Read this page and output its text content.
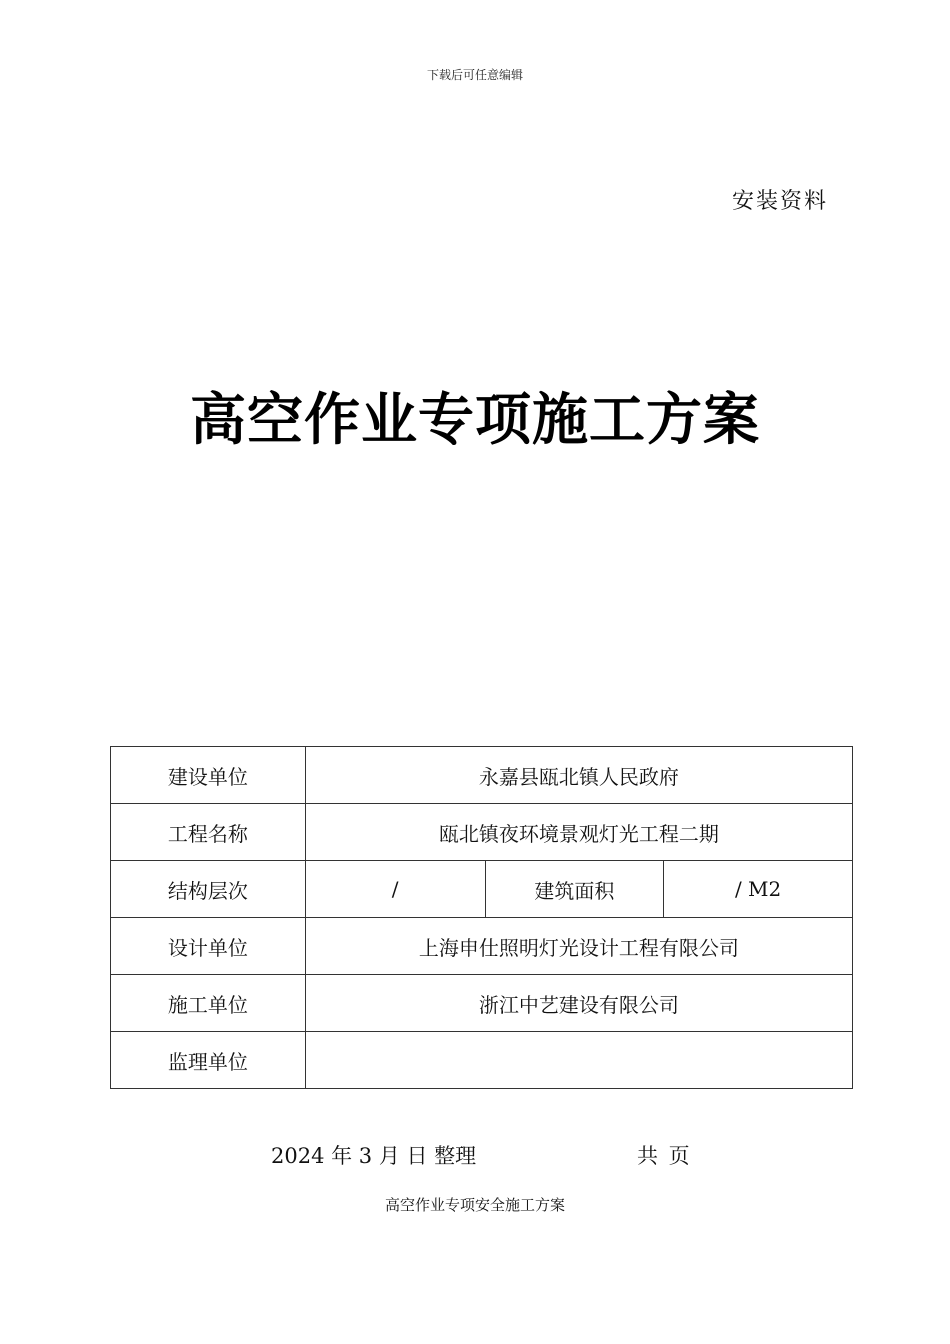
下载后可任意编辑
安装资料
高空作业专项施工方案
建设单位	永嘉县瓯北镇人民政府		
工程名称	瓯北镇夜环境景观灯光工程二期		
结构层次	/	建筑面积	/ M2
设计单位	上海申仕照明灯光设计工程有限公司		
施工单位	浙江中艺建设有限公司		
监理单位			
2024 年 3 月 日 整理	共 页
高空作业专项安全施工方案
